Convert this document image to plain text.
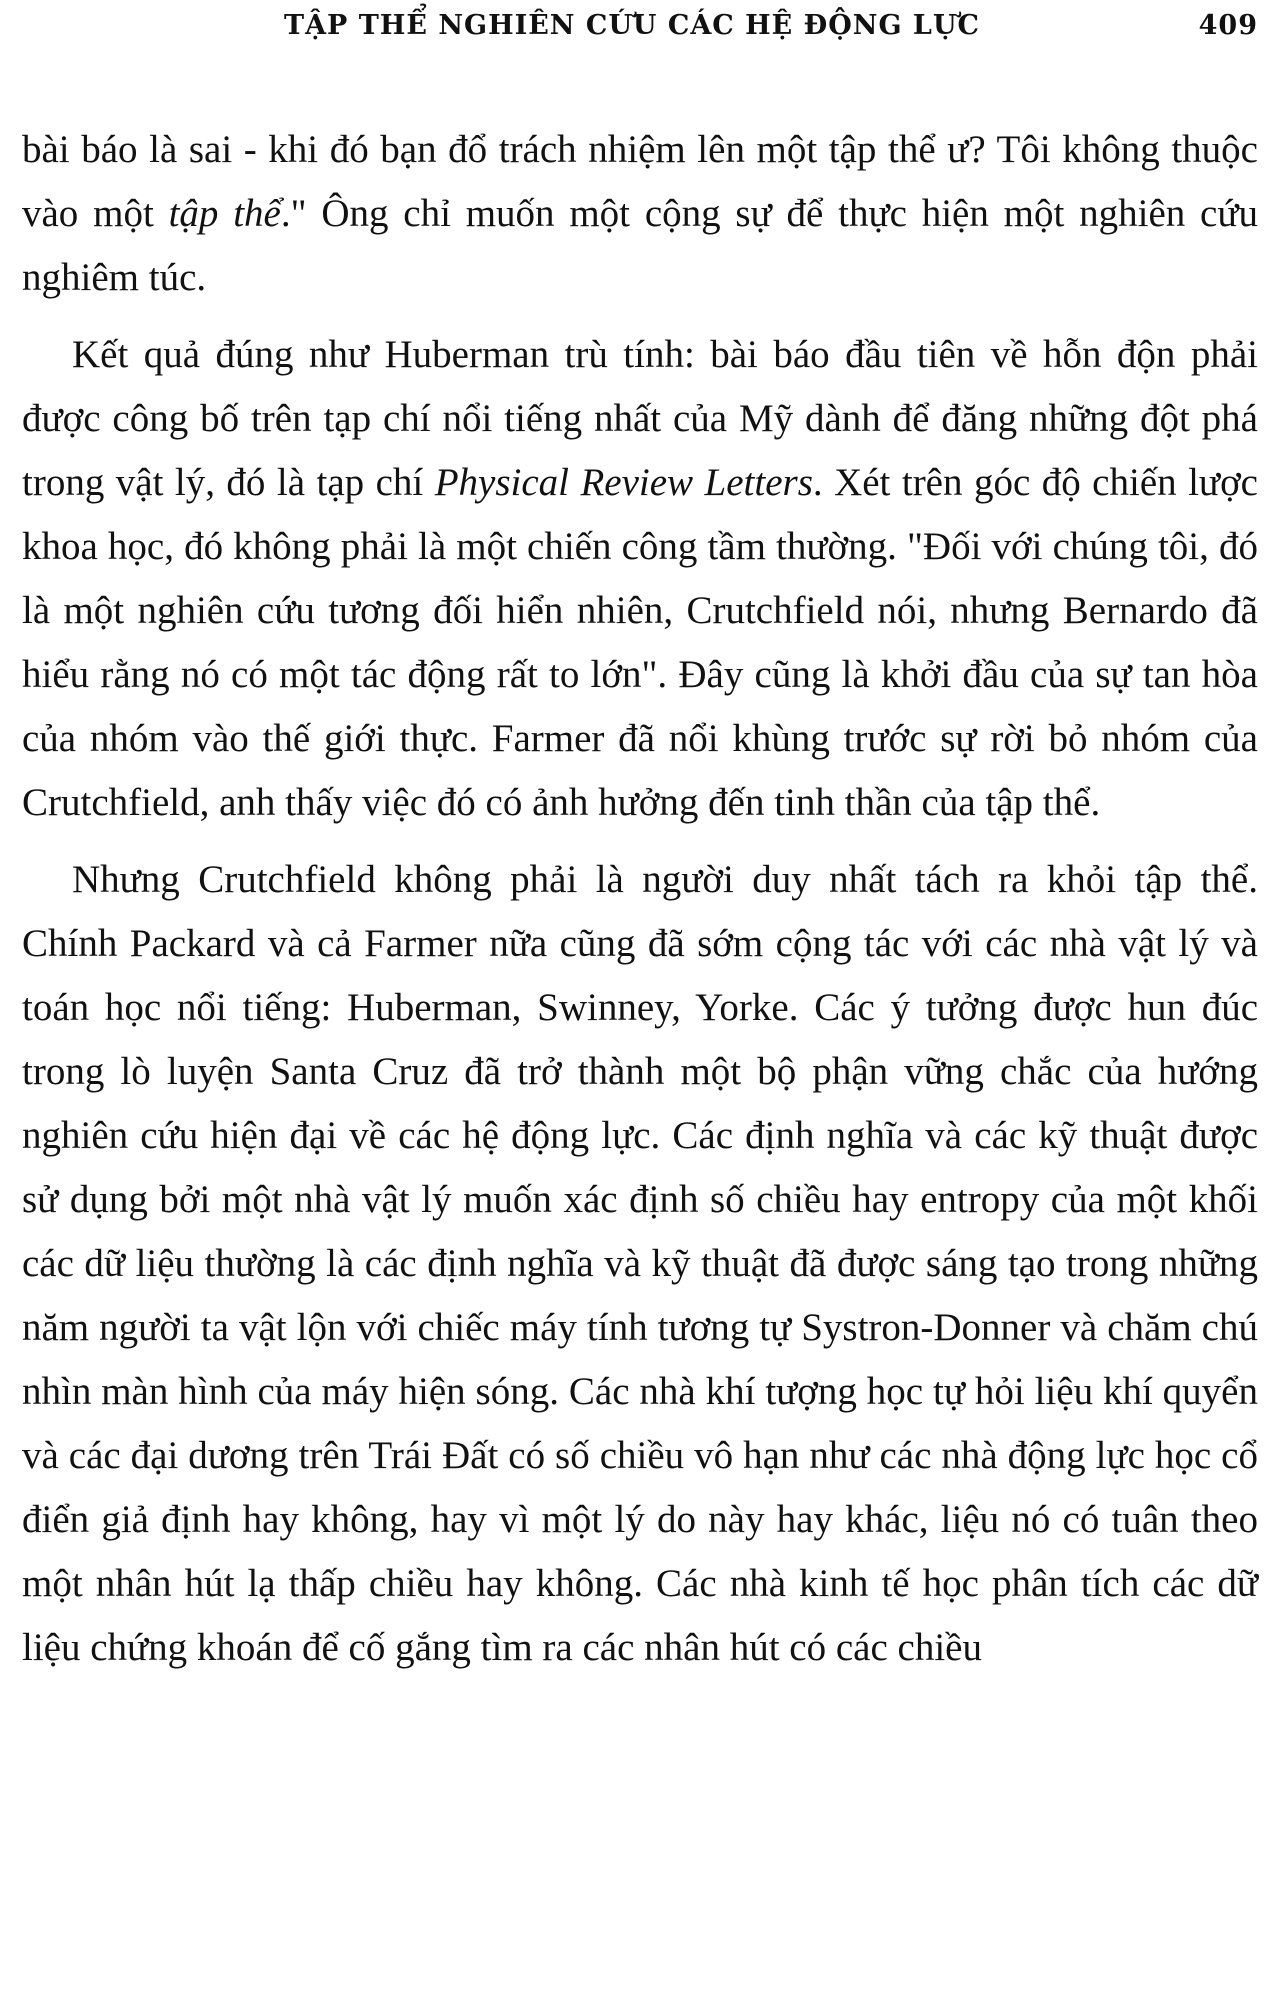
TẬP THỂ NGHIÊN CỨU CÁC HỆ ĐỘNG LỰC	409

bài báo là sai - khi đó bạn đổ trách nhiệm lên một tập thể ư? Tôi không thuộc vào một tập thể." Ông chỉ muốn một cộng sự để thực hiện một nghiên cứu nghiêm túc.

Kết quả đúng như Huberman trù tính: bài báo đầu tiên về hỗn độn phải được công bố trên tạp chí nổi tiếng nhất của Mỹ dành để đăng những đột phá trong vật lý, đó là tạp chí Physical Review Letters. Xét trên góc độ chiến lược khoa học, đó không phải là một chiến công tầm thường. "Đối với chúng tôi, đó là một nghiên cứu tương đối hiển nhiên, Crutchfield nói, nhưng Bernardo đã hiểu rằng nó có một tác động rất to lớn". Đây cũng là khởi đầu của sự tan hòa của nhóm vào thế giới thực. Farmer đã nổi khùng trước sự rời bỏ nhóm của Crutchfield, anh thấy việc đó có ảnh hưởng đến tinh thần của tập thể.

Nhưng Crutchfield không phải là người duy nhất tách ra khỏi tập thể. Chính Packard và cả Farmer nữa cũng đã sớm cộng tác với các nhà vật lý và toán học nổi tiếng: Huberman, Swinney, Yorke. Các ý tưởng được hun đúc trong lò luyện Santa Cruz đã trở thành một bộ phận vững chắc của hướng nghiên cứu hiện đại về các hệ động lực. Các định nghĩa và các kỹ thuật được sử dụng bởi một nhà vật lý muốn xác định số chiều hay entropy của một khối các dữ liệu thường là các định nghĩa và kỹ thuật đã được sáng tạo trong những năm người ta vật lộn với chiếc máy tính tương tự Systron-Donner và chăm chú nhìn màn hình của máy hiện sóng. Các nhà khí tượng học tự hỏi liệu khí quyển và các đại dương trên Trái Đất có số chiều vô hạn như các nhà động lực học cổ điển giả định hay không, hay vì một lý do này hay khác, liệu nó có tuân theo một nhân hút lạ thấp chiều hay không. Các nhà kinh tế học phân tích các dữ liệu chứng khoán để cố gắng tìm ra các nhân hút có các chiều
